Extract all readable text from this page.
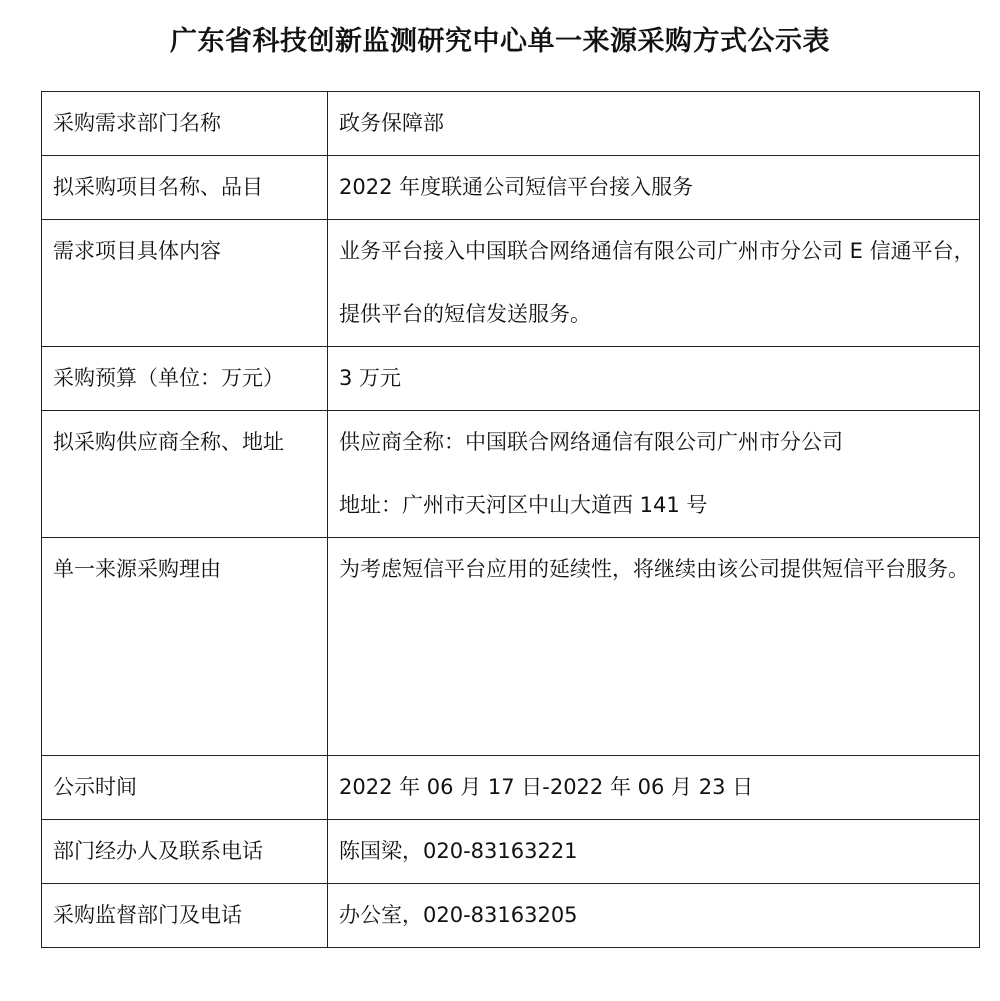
广东省科技创新监测研究中心单一来源采购方式公示表
采购需求部门名称	政务保障部

拟采购项目名称、品目	2022 年度联通公司短信平台接入服务

需求项目具体内容	业务平台接入中国联合网络通信有限公司广州市分公司 E 信通平台，提供平台的短信发送服务。

采购预算（单位：万元）	3 万元

拟采购供应商全称、地址	供应商全称：中国联合网络通信有限公司广州市分公司
地址：广州市天河区中山大道西 141 号

单一来源采购理由	为考虑短信平台应用的延续性，将继续由该公司提供短信平台服务。

公示时间	2022 年 06 月 17 日-2022 年 06 月 23 日

部门经办人及联系电话	陈国梁，020-83163221

采购监督部门及电话	办公室，020-83163205
